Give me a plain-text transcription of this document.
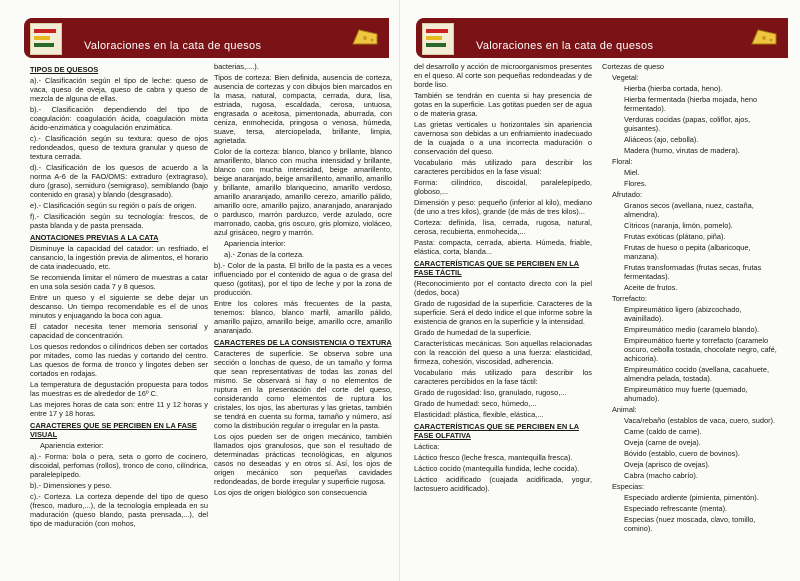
Valoraciones en la cata de quesos
TIPOS DE QUESOS

a).- Clasificación según el tipo de leche: queso de vaca, queso de oveja, queso de cabra y queso de mezcla de alguna de ellas.

b).- Clasificación dependiendo del tipo de coagulación: coagulación ácida, coagulación mixta ácido-enzimática y coagulación enzimática.

c).- Clasificación según su textura: queso de ojos redondeados, queso de textura granular y queso de textura cerrada.

d).- Clasificación de los quesos de acuerdo a la norma A-6 de la FAO/OMS: extraduro (extragraso), duro (graso), semiduro (semigraso), semiblando (bajo contenido en grasa) y blando (desgrasado).

e).- Clasificación según su región o país de origen.

f).- Clasificación según su tecnología: frescos, de pasta blanda y de pasta prensada.

ANOTACIONES PREVIAS A LA CATA

Disminuye la capacidad del catador: un resfriado, el cansancio, la ingestión previa de alimentos, el horario de cata inadecuado, etc.

Se recomienda limitar el número de muestras a catar en una sola sesión cada 7 y 8 quesos.

Entre un queso y el siguiente se debe dejar un descanso. Un tiempo recomendable es el de unos minutos y enjuagando la boca con agua.

El catador necesita tener memoria sensorial y capacidad de concentración.

Los quesos redondos o cilíndricos deben ser cortados por mitades, como las ruedas y cortando del centro. Las quesos de forma de tronco y lingotes deben ser cortados en rodajas.

La temperatura de degustación propuesta para todos las muestras es de alrededor de 16º C.

Las mejores horas de cata son: entre 11 y 12 horas y entre 17 y 18 horas.

CARACTERES QUE SE PERCIBEN EN LA FASE VISUAL

Apariencia exterior:

a).- Forma: bola o pera, seta o gorro de cocinero, discoidal, perfomas (rollos), tronco de cono, cilíndrica, paralelepípedo.

b).- Dimensiones y peso.

c).- Corteza. La corteza depende del tipo de queso (fresco, maduro,...), de la tecnología empleada en su maduración (queso blando, pasta prensada,...), del tipo de maduración (con mohos,

bacterias,....).

Tipos de corteza: Bien definida, ausencia de corteza, ausencia de cortezas y con dibujos bien marcados en la masa, natural, compacta, cerrada, dura, lisa, estriada, rugosa, escaldada, cerosa, untuosa, engrasada o aceitosa, pimentonada, aburrada, con ceniza, enmohecida, pringosa o venosa, húmeda, suave, tersa, aterciopelada, brillante, limpia, agrietada.

Color de la corteza: blanco, blanco y brillante, blanco amarillento, blanco con mucha intensidad y brillante, blanco con mucha intensidad, beige amarillento, beige anaranjado, beige amarillento, amarillo, amarillo y brillante, amarillo blanquecino, amarillo verdoso, amarillo anaranjado, amarillo cerezo, amarillo pálido, amarillo ocre, amarillo pajizo, anaranjado, anaranjado o pardusco, marrón parduzco, verde azulado, ocre marronado, caoba, gris oscuro, gris plomizo, violáceo, azul grisáceo, negro y marrón.

Apariencia interior:

a).- Zonas de la corteza.

b).- Color de la pasta. El brillo de la pasta es a veces influenciado por el contenido de agua o de grasa del queso (gotitas), por el tipo de leche y por la zona de producción.

Entre los colores más frecuentes de la pasta, tenemos: blanco, blanco marfil, amarillo pálido, amarillo pajizo, amarillo beige, amarillo ocre, amarillo anaranjado.

CARACTERES DE LA CONSISTENCIA O TEXTURA

Caracteres de superficie. Se observa sobre una sección o lonchas de queso, de un tamaño y forma que sean representativas de todas las zonas del mismo. Se observará si hay o no elementos de ruptura en la presentación del corte del queso, considerando como elementos de ruptura los cristales, los ojos, las aberturas y las grietas, también se tendrá en cuenta su forma, tamaño y número, así como la distribución regular o irregular en la pasta.

Los ojos pueden ser de origen mecánico, también llamados ojos granulosos, que son el resultado de determinadas prácticas tecnológicas, en algunos casos no deseadas y en otros sí. Así, los ojos de origen mecánico son pequeñas cavidades redondeadas, de borde irregular y superficie rugosa.

Los ojos de origen biológico son consecuencia

Valoraciones en la cata de quesos

del desarrollo y acción de microorganismos presentes en el queso. Al corte son pequeñas redondeadas y de borde liso.

También se tendrán en cuenta si hay presencia de gotas en la superficie. Las gotitas pueden ser de agua o de materia grasa.

Las grietas verticales u horizontales sin apariencia cavernosa son debidas a un enfriamiento inadecuado de la cuajada o a una incorrecta maduración o conservación del queso.

Vocabulario más utilizado para describir los caracteres percibidos en la fase visual:

Forma: cilíndrico, discoidal, paralelepípedo, globoso,...

Dimensión y peso: pequeño (inferior al kilo), mediano (de uno a tres kilos), grande (de más de tres kilos)...

Corteza: definida, lisa, cerrada, rugosa, natural, cerosa, recubierta, enmohecida,...

Pasta: compacta, cerrada, abierta. Húmeda, friable, elástica, corta, blanda...

CARACTERÍSTICAS QUE SE PERCIBEN EN LA FASE TÁCTIL

(Reconocimiento por el contacto directo con la piel (dedos, boca)

Grado de rugosidad de la superficie. Caracteres de la superficie. Será el dedo índice el que informe sobre la existencia de granos en la superficie y la intensidad.

Grado de humedad de la superficie.

Características mecánicas. Son aquellas relacionadas con la reacción del queso a una fuerza: elasticidad, firmeza, cohesión, viscosidad, adherencia.

Vocabulario más utilizado para describir los caracteres percibidos en la fase táctil:

Grado de rugosidad: liso, granulado, rugoso,...

Grado de humedad: seco, húmedo,...

Elasticidad: plástica, flexible, elástica,...

CARACTERÍSTICAS QUE SE PERCIBEN EN LA FASE OLFATIVA

Láctica:

Láctico fresco (leche fresca, mantequilla fresca).

Láctico cocido (mantequilla fundida, leche cocida).

Láctico acidificado (cuajada acidificada, yogur, lactosuero acidificado).

Cortezas de queso

Vegetal:

Hierba (hierba cortada, heno).

Hierba fermentada (hierba mojada, heno fermentado).

Verduras cocidas (papas, coliflor, ajos, guisantes).

Aliáceos (ajo, cebolla).

Madera (humo, virutas de madera).

Floral:

Miel.

Flores.

Afrutado:

Granos secos (avellana, nuez, castaña, almendra).

Cítricos (naranja, limón, pomelo).

Frutas exóticas (plátano, piña).

Frutas de hueso o pepita (albaricoque, manzana).

Frutas transformadas (frutas secas, frutas fermentadas).

Aceite de frutos.

Torrefacto:

Empireumático ligero (abizcochado, avainillado).

Empireumático medio (caramelo blando).

Empireumático fuerte y torrefacto (caramelo oscuro, cebolla tostada, chocolate negro, café, achicoria).

Empireumático cocido (avellana, cacahuete, almendra pelada, tostada).

Empireumático muy fuerte (quemado, ahumado).

Animal:

Vaca/rebaño (establos de vaca, cuero, sudor).

Carne (caldo de carne).

Oveja (carne de oveja).

Bóvido (establo, cuero de bovinos).

Oveja (aprisco de ovejas).

Cabra (macho cabrío).

Especias:

Especiado ardiente (pimienta, pimentón).

Especiado refrescante (menta).

Especias (nuez moscada, clavo, tomillo, comino).
